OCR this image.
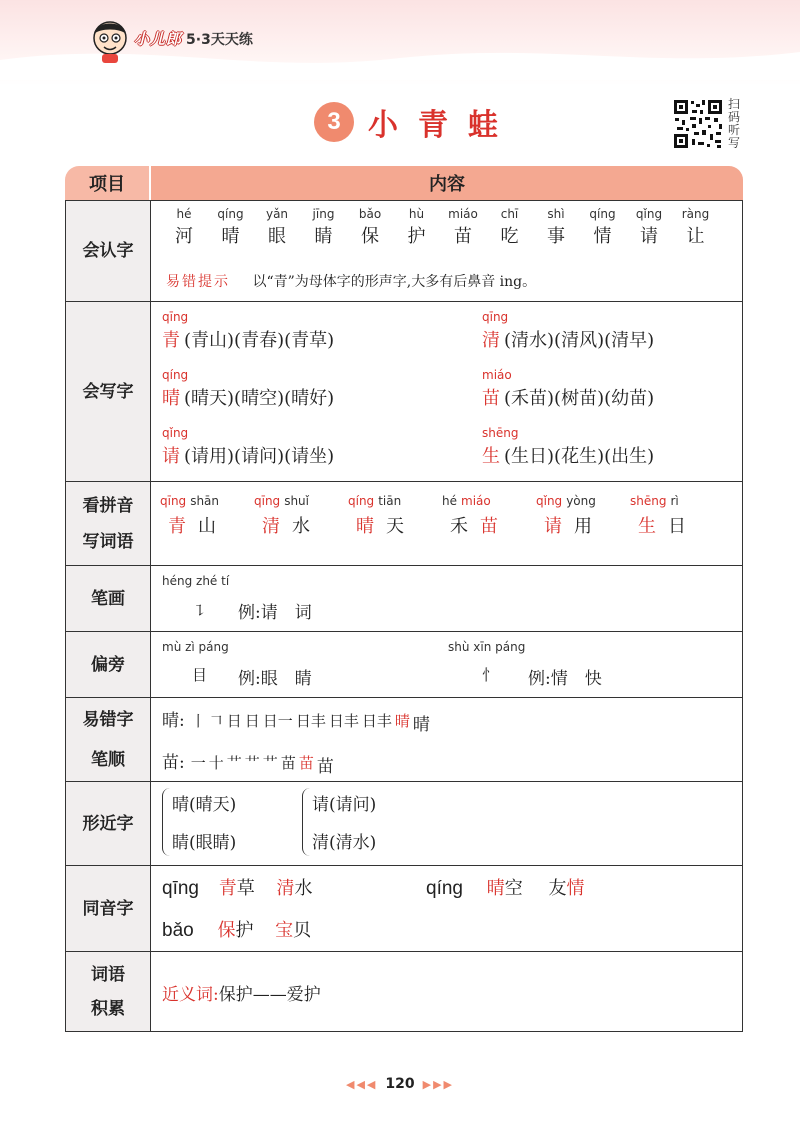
小儿郎 5·3天天练
3 小青蛙
扫码听写
项目	内容
会认字
hé
河
qíng
晴
yǎn
眼
jīng
睛
bǎo
保
hù
护
miáo
苗
chī
吃
shì
事
qíng
情
qǐng
请
ràng
让
易错提示 以“青”为母体字的形声字,大多有后鼻音 ing。
会写字
qīng
青 (青山)(青春)(青草)
qīng
清 (清水)(清风)(清早)
qíng
晴 (晴天)(晴空)(晴好)
miáo
苗 (禾苗)(树苗)(幼苗)
qǐng
请 (请用)(请问)(请坐)
shēng
生 (生日)(花生)(出生)
看拼音
写词语
qīng shān
青山
qīng shuǐ
清水
qíng tiān
晴天
hé miáo
禾苗
qǐng yòng
请用
shēng rì
生日
笔画
héng zhé tí
㇊ 例:请　词
偏旁
mù zì páng
目 例:眼　睛
shù xīn páng
忄 例:情　快
易错字
笔顺
晴: 丨 𠃍 日 日 日一 日丰 日丰 日丰 晴 晴
苗: 一 十 艹 艹 艹 苗 苗 苗
形近字
晴(晴天)
睛(眼睛)
请(请问)
清(清水)
同音字
qīng 青草 清水	qíng 晴空 友情
bǎo 保护 宝贝
词语
积累
近义词:保护——爱护
◀◀◀ 120 ▶▶▶
